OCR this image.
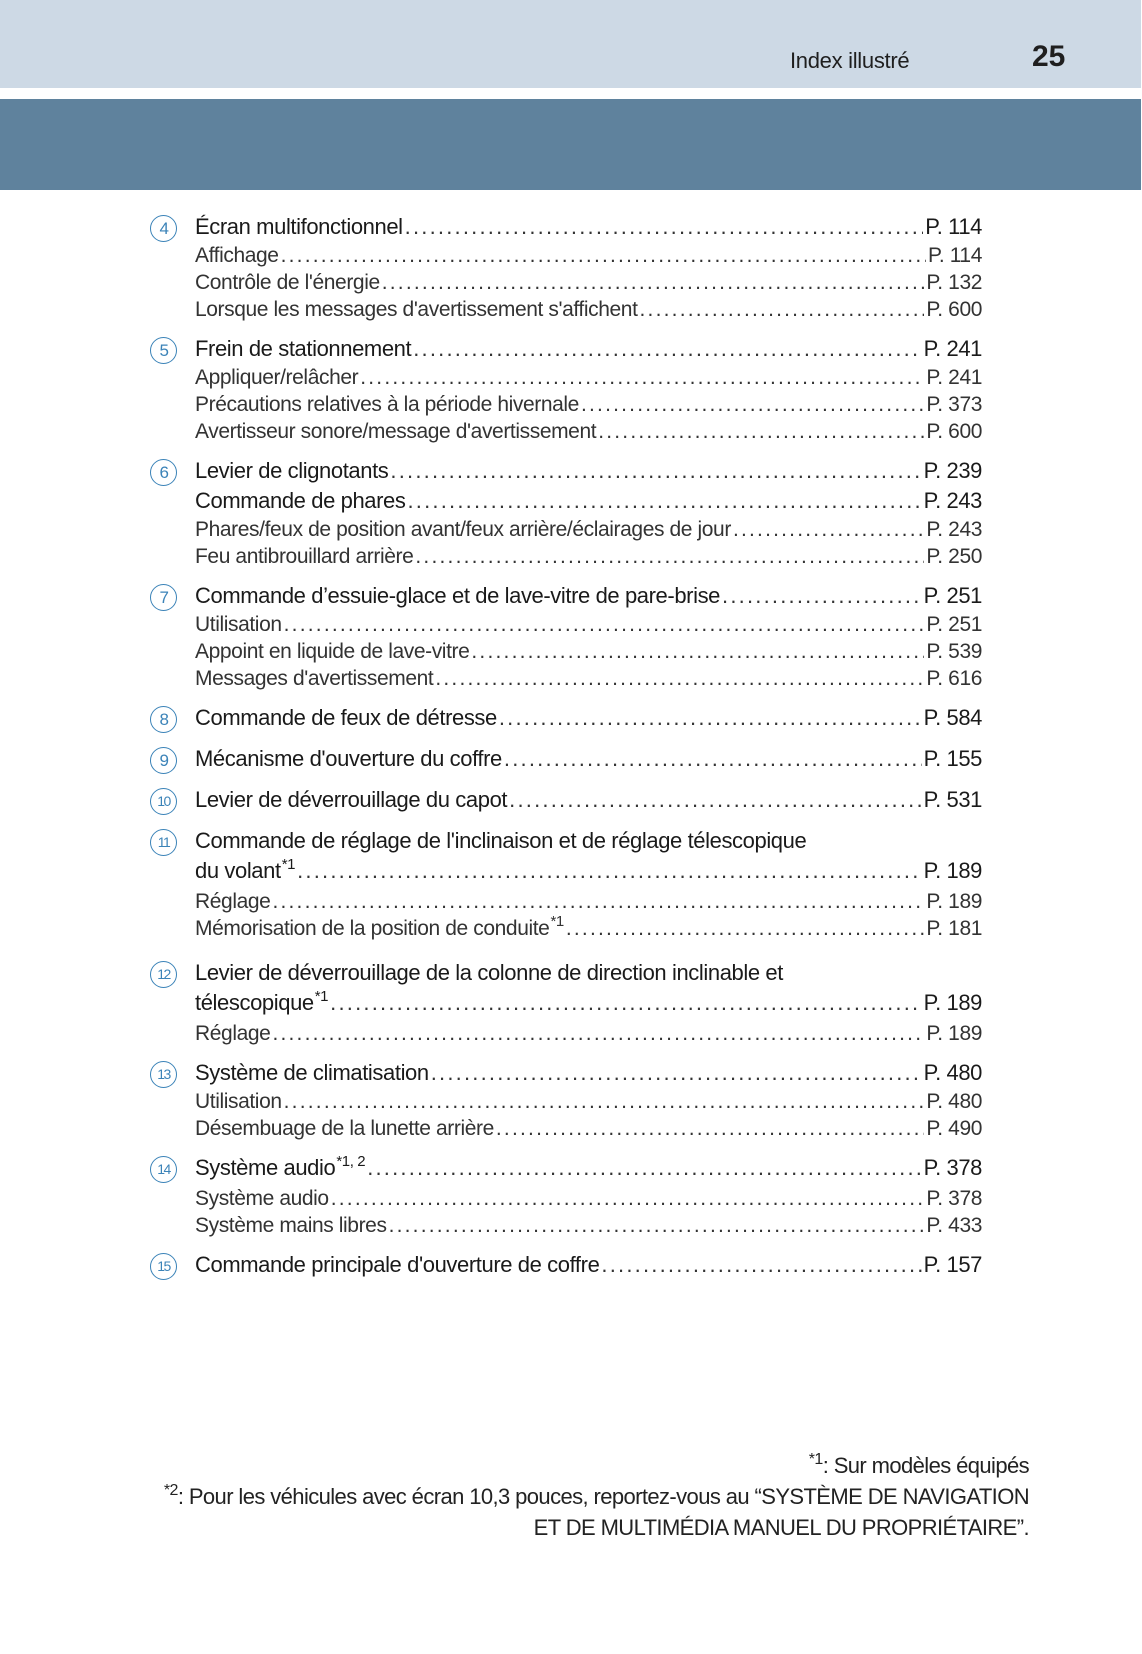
Index illustré	25
4	Écran multifonctionnel .....	P. 114
Affichage .....	P. 114
Contrôle de l'énergie .....	P. 132
Lorsque les messages d'avertissement s'affichent .....	P. 600
5	Frein de stationnement .....	P. 241
Appliquer/relâcher .....	P. 241
Précautions relatives à la période hivernale .....	P. 373
Avertisseur sonore/message d'avertissement .....	P. 600
6	Levier de clignotants .....	P. 239
Commande de phares .....	P. 243
Phares/feux de position avant/feux arrière/éclairages de jour .....	P. 243
Feu antibrouillard arrière .....	P. 250
7	Commande d’essuie-glace et de lave-vitre de pare-brise .....	P. 251
Utilisation .....	P. 251
Appoint en liquide de lave-vitre .....	P. 539
Messages d'avertissement .....	P. 616
8	Commande de feux de détresse .....	P. 584
9	Mécanisme d'ouverture du coffre .....	P. 155
10	Levier de déverrouillage du capot .....	P. 531
11	Commande de réglage de l'inclinaison et de réglage télescopique
du volant$^{*1}$ .....	P. 189
Réglage .....	P. 189
Mémorisation de la position de conduite$^{*1}$ .....	P. 181
12	Levier de déverrouillage de la colonne de direction inclinable et
télescopique$^{*1}$ .....	P. 189
Réglage .....	P. 189
13	Système de climatisation .....	P. 480
Utilisation .....	P. 480
Désembuage de la lunette arrière .....	P. 490
14	Système audio$^{*1, 2}$ .....	P. 378
Système audio .....	P. 378
Système mains libres .....	P. 433
15	Commande principale d'ouverture de coffre .....	P. 157
$^{*1}$: Sur modèles équipés
$^{*2}$: Pour les véhicules avec écran 10,3 pouces, reportez-vous au “SYSTÈME DE NAVIGATION
ET DE MULTIMÉDIA MANUEL DU PROPRIÉTAIRE”.
